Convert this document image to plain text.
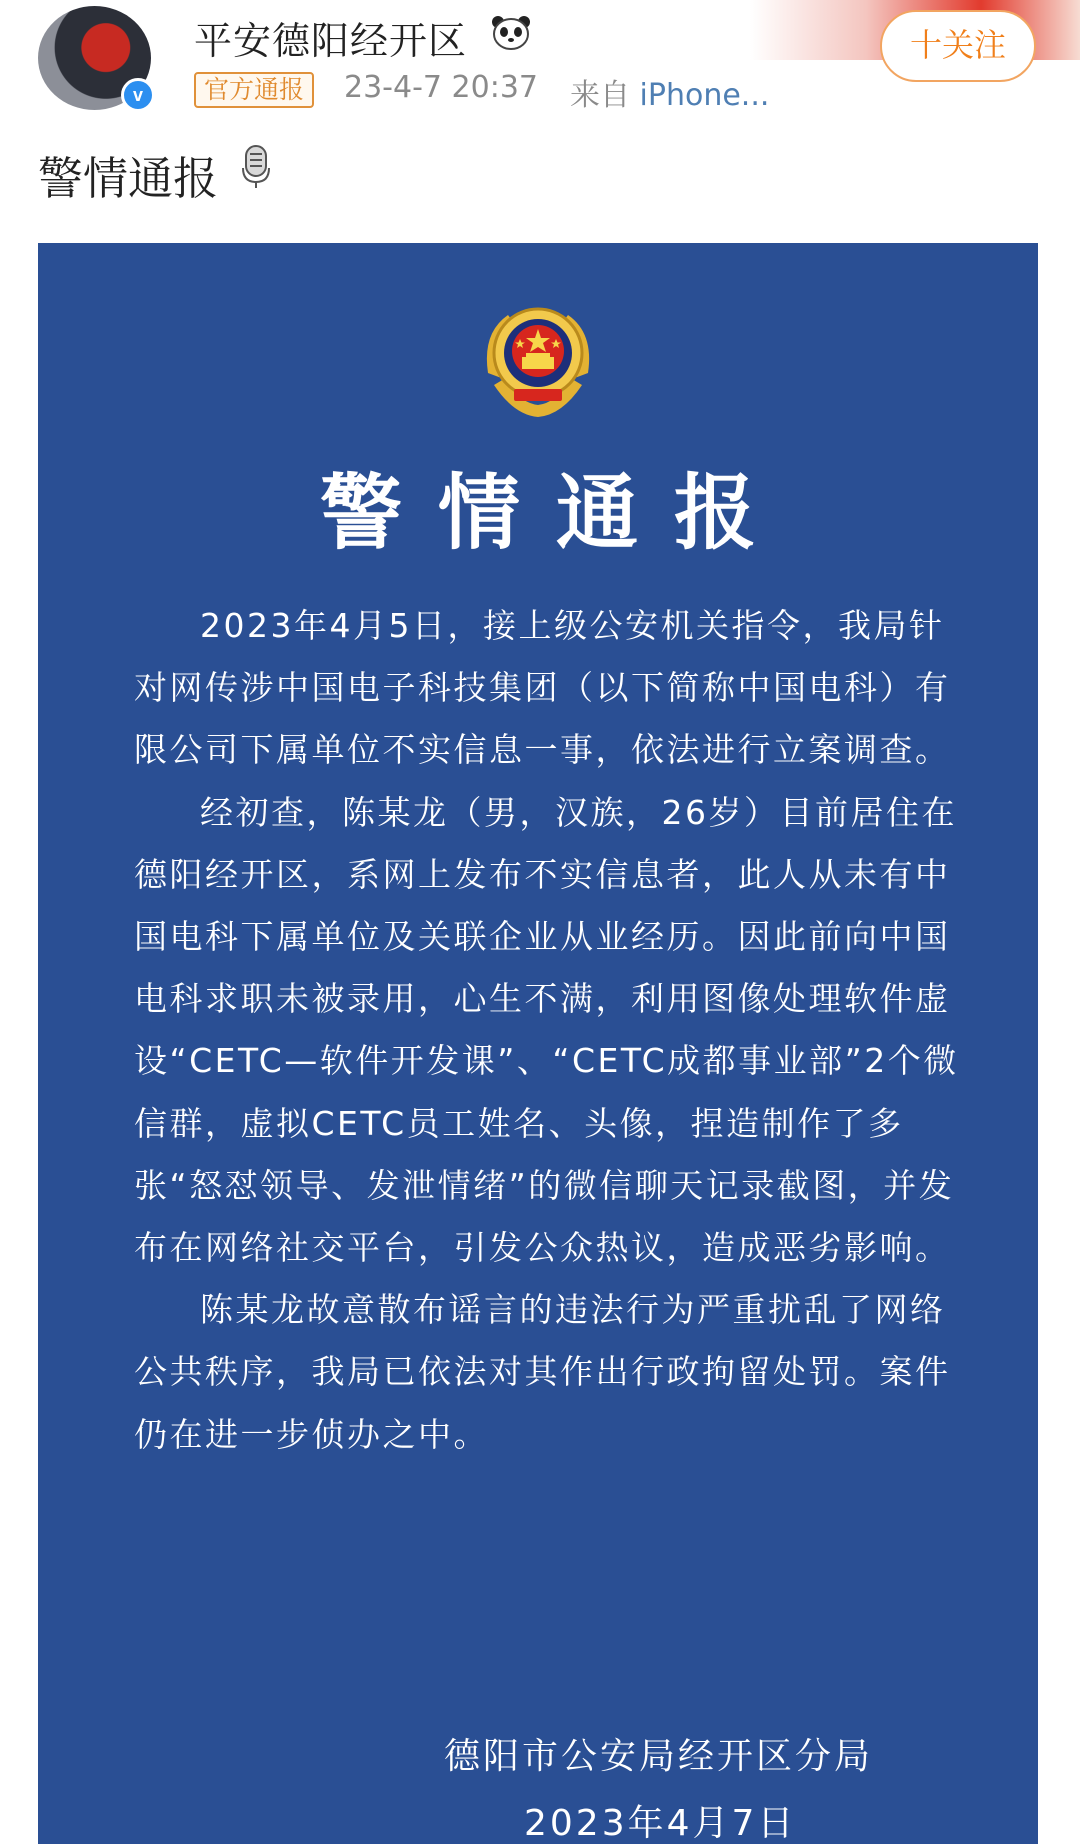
v
平安德阳经开区
官方通报	23-4-7 20:37 来自 iPhone...
十关注
警情通报
警情通报

2023年4月5日，接上级公安机关指令，我局针对网传涉中国电子科技集团（以下简称中国电科）有限公司下属单位不实信息一事，依法进行立案调查。

经初查，陈某龙（男，汉族，26岁）目前居住在德阳经开区，系网上发布不实信息者，此人从未有中国电科下属单位及关联企业从业经历。因此前向中国电科求职未被录用，心生不满，利用图像处理软件虚设“CETC—软件开发课”、“CETC成都事业部”2个微信群，虚拟CETC员工姓名、头像，捏造制作了多张“怒怼领导、发泄情绪”的微信聊天记录截图，并发布在网络社交平台，引发公众热议，造成恶劣影响。

陈某龙故意散布谣言的违法行为严重扰乱了网络公共秩序，我局已依法对其作出行政拘留处罚。案件仍在进一步侦办之中。

德阳市公安局经开区分局
2023年4月7日
